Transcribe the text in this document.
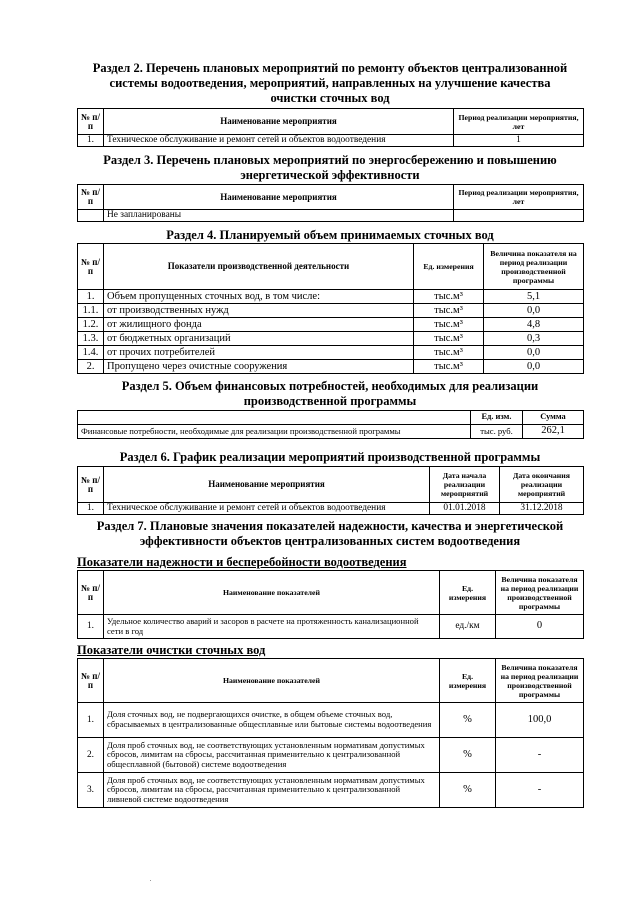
Раздел 2. Перечень плановых мероприятий по ремонту объектов централизованной
системы водоотведения, мероприятий, направленных на улучшение качества
очистки сточных вод
№ п/п	Наименование мероприятия	Период реализации мероприятия, лет
1.	Техническое обслуживание и ремонт сетей и объектов водоотведения	1
Раздел 3. Перечень плановых мероприятий по энергосбережению и повышению
энергетической эффективности
№ п/п	Наименование мероприятия	Период реализации мероприятия, лет
	Не запланированы	
Раздел 4. Планируемый объем принимаемых сточных вод
№ п/п	Показатели производственной деятельности	Ед. измерения	Величина показателя на период реализации производственной программы
1.	Объем пропущенных сточных вод, в том числе:	тыс.м³	5,1
1.1.	от производственных нужд	тыс.м³	0,0
1.2.	от жилищного фонда	тыс.м³	4,8
1.3.	от бюджетных организаций	тыс.м³	0,3
1.4.	от прочих потребителей	тыс.м³	0,0
2.	Пропущено через очистные сооружения	тыс.м³	0,0
Раздел 5. Объем финансовых потребностей, необходимых для реализации
производственной программы
	Ед. изм.	Сумма
Финансовые потребности, необходимые для реализации производственной программы	тыс. руб.	262,1
Раздел 6. График реализации мероприятий производственной программы
№ п/п	Наименование мероприятия	Дата начала реализации мероприятий	Дата окончания реализации мероприятий
1.	Техническое обслуживание и ремонт сетей и объектов водоотведения	01.01.2018	31.12.2018
Раздел 7. Плановые значения показателей надежности, качества и энергетической
эффективности объектов централизованных систем водоотведения
Показатели надежности и бесперебойности водоотведения
№ п/п	Наименование показателей	Ед. измерения	Величина показателя на период реализации производственной программы
1.	Удельное количество аварий и засоров в расчете на протяженность канализационной сети в год	ед./км	0
Показатели очистки сточных вод
№ п/п	Наименование показателей	Ед. измерения	Величина показателя на период реализации производственной программы
1.	Доля сточных вод, не подвергающихся очистке, в общем объеме сточных вод, сбрасываемых в централизованные общесплавные или бытовые системы водоотведения	%	100,0
2.	Доля проб сточных вод, не соответствующих установленным нормативам допустимых сбросов, лимитам на сбросы, рассчитанная применительно к централизованной общесплавной (бытовой) системе водоотведения	%	-
3.	Доля проб сточных вод, не соответствующих установленным нормативам допустимых сбросов, лимитам на сбросы, рассчитанная применительно к централизованной ливневой системе водоотведения	%	-
